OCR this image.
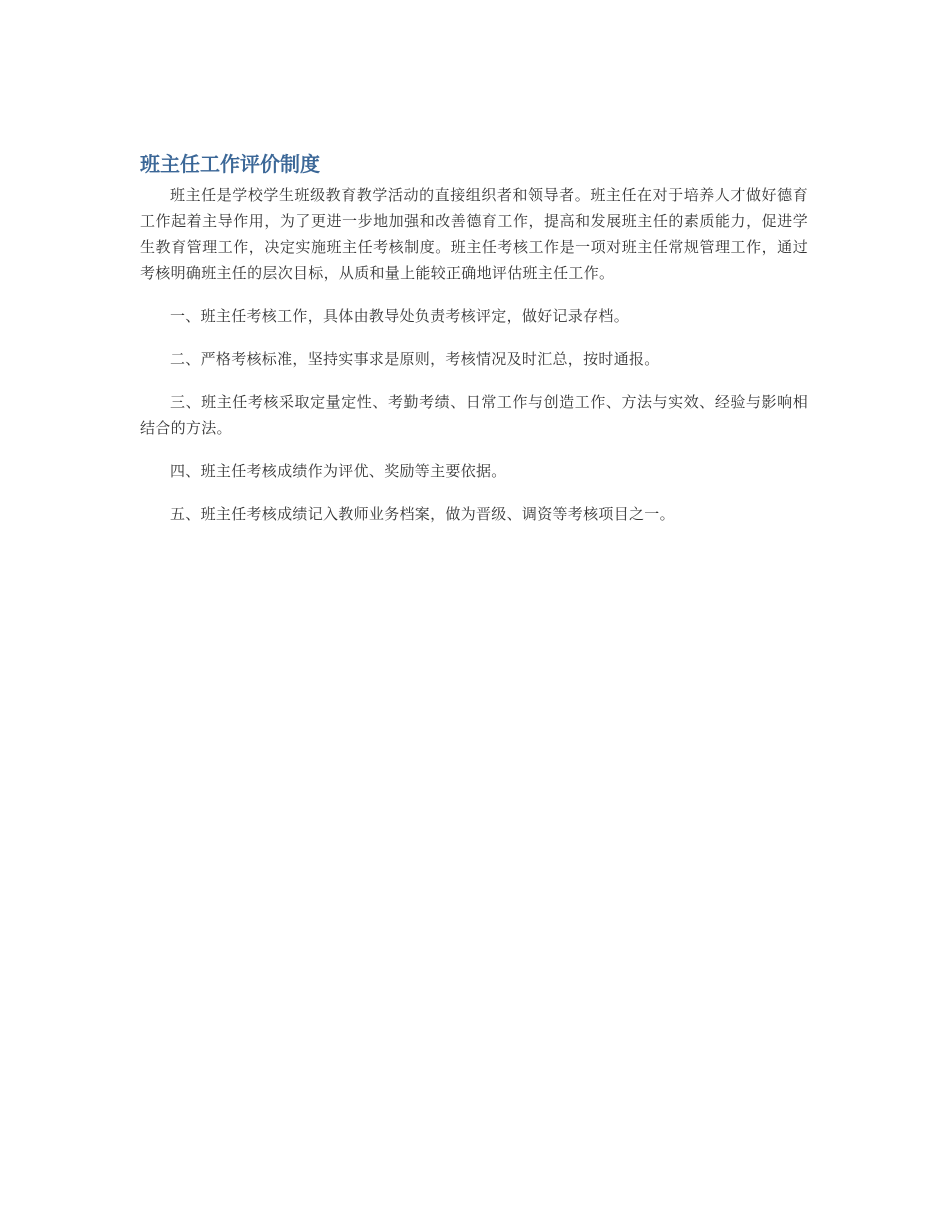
班主任工作评价制度

班主任是学校学生班级教育教学活动的直接组织者和领导者。班主任在对于培养人才做好德育工作起着主导作用，为了更进一步地加强和改善德育工作，提高和发展班主任的素质能力，促进学生教育管理工作，决定实施班主任考核制度。班主任考核工作是一项对班主任常规管理工作，通过考核明确班主任的层次目标，从质和量上能较正确地评估班主任工作。

一、班主任考核工作，具体由教导处负责考核评定，做好记录存档。

二、严格考核标准，坚持实事求是原则，考核情况及时汇总，按时通报。

三、班主任考核采取定量定性、考勤考绩、日常工作与创造工作、方法与实效、经验与影响相结合的方法。

四、班主任考核成绩作为评优、奖励等主要依据。

五、班主任考核成绩记入教师业务档案，做为晋级、调资等考核项目之一。
